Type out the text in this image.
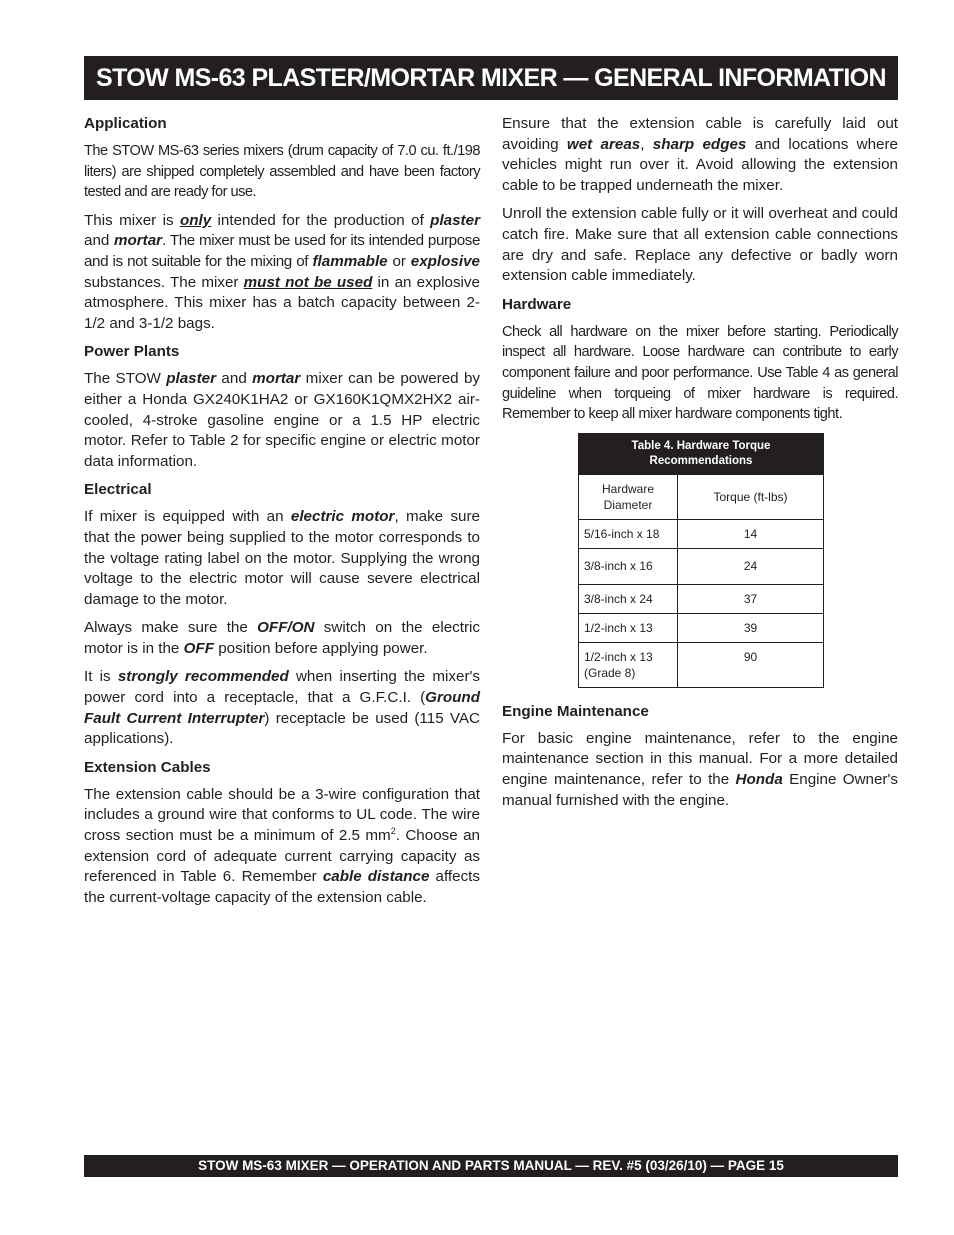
STOW MS-63 PLASTER/MORTAR MIXER — GENERAL INFORMATION
Application

The STOW MS-63 series mixers (drum capacity of 7.0 cu. ft./198 liters) are shipped completely assembled and have been factory tested and are ready for use.

This mixer is only intended for the production of plaster and mortar. The mixer must be used for its intended purpose and is not suitable for the mixing of flammable or explosive substances. The mixer must not be used in an explosive atmosphere. This mixer has a batch capacity between 2-1/2 and 3-1/2 bags.

Power Plants

The STOW plaster and mortar mixer can be powered by either a Honda GX240K1HA2 or GX160K1QMX2HX2 air-cooled, 4-stroke gasoline engine or a 1.5 HP electric motor. Refer to Table 2 for specific engine or electric motor data information.

Electrical

If mixer is equipped with an electric motor, make sure that the power being supplied to the motor corresponds to the voltage rating label on the motor. Supplying the wrong voltage to the electric motor will cause severe electrical damage to the motor.

Always make sure the OFF/ON switch on the electric motor is in the OFF position before applying power.

It is strongly recommended when inserting the mixer's power cord into a receptacle, that a G.F.C.I. (Ground Fault Current Interrupter) receptacle be used (115 VAC applications).

Extension Cables

The extension cable should be a 3-wire configuration that includes a ground wire that conforms to UL code. The wire cross section must be a minimum of 2.5 $mm^2$. Choose an extension cord of adequate current carrying capacity as referenced in Table 6. Remember cable distance affects the current-voltage capacity of the extension cable.

Ensure that the extension cable is carefully laid out avoiding wet areas, sharp edges and locations where vehicles might run over it. Avoid allowing the extension cable to be trapped underneath the mixer.

Unroll the extension cable fully or it will overheat and could catch fire. Make sure that all extension cable connections are dry and safe. Replace any defective or badly worn extension cable immediately.

Hardware

Check all hardware on the mixer before starting. Periodically inspect all hardware. Loose hardware can contribute to early component failure and poor performance. Use Table 4 as general guideline when torqueing of mixer hardware is required. Remember to keep all mixer hardware components tight.

Table 4. Hardware Torque Recommendations	
Hardware Diameter	Torque (ft-lbs)
5/16-inch x 18	14
3/8-inch x 16	24
3/8-inch x 24	37
1/2-inch x 13	39
1/2-inch x 13 (Grade 8)	90
Engine Maintenance

For basic engine maintenance, refer to the engine maintenance section in this manual. For a more detailed engine maintenance, refer to the Honda Engine Owner's manual furnished with the engine.

STOW MS-63 MIXER — OPERATION AND PARTS MANUAL — REV. #5 (03/26/10) — PAGE 15
